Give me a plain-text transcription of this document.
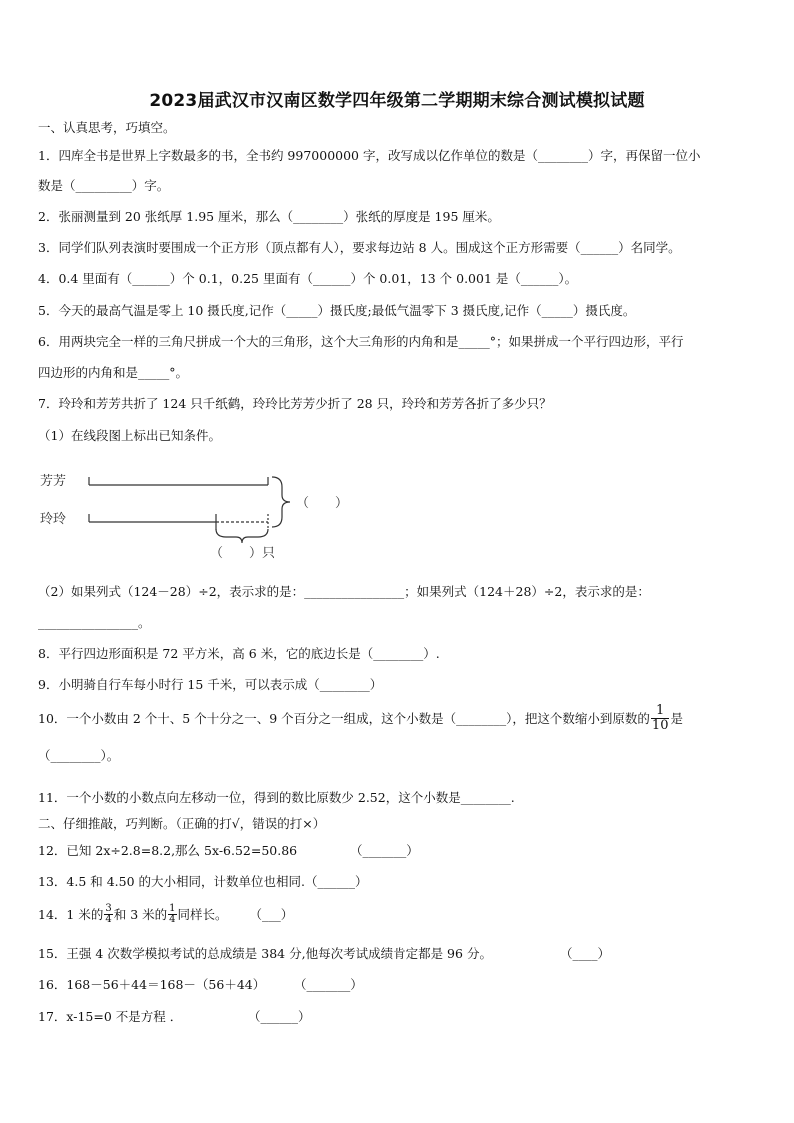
2023届武汉市汉南区数学四年级第二学期期末综合测试模拟试题
一、认真思考，巧填空。
1．四库全书是世界上字数最多的书，全书约 997000000 字，改写成以亿作单位的数是（________）字，再保留一位小
数是（_________）字。
2．张丽测量到 20 张纸厚 1.95 厘米，那么（________）张纸的厚度是 195 厘米。
3．同学们队列表演时要围成一个正方形（顶点都有人），要求每边站 8 人。围成这个正方形需要（______）名同学。
4．0.4 里面有（______）个 0.1，0.25 里面有（______）个 0.01，13 个 0.001 是（______）。
5．今天的最高气温是零上 10 摄氏度,记作（_____）摄氏度;最低气温零下 3 摄氏度,记作（_____）摄氏度。
6．用两块完全一样的三角尺拼成一个大的三角形，这个大三角形的内角和是_____°；如果拼成一个平行四边形，平行
四边形的内角和是_____°。
7．玲玲和芳芳共折了 124 只千纸鹤，玲玲比芳芳少折了 28 只，玲玲和芳芳各折了多少只？
（1）在线段图上标出已知条件。
芳芳
玲玲
（　　）
（　　）只
（2）如果列式（124－28）÷2，表示求的是：________________；如果列式（124＋28）÷2，表示求的是：
________________。
8．平行四边形面积是 72 平方米，高 6 米，它的底边长是（________）.
9．小明骑自行车每小时行 15 千米，可以表示成（________）
10．一个小数由 2 个十、5 个十分之一、9 个百分之一组成，这个小数是（________），把这个数缩小到原数的 $\frac{1}{10}$ 是
（________）。
11．一个小数的小数点向左移动一位，得到的数比原数少 2.52，这个小数是________.
二、仔细推敲，巧判断。（正确的打√，错误的打×）
12．已知 2x÷2.8=8.2,那么 5x-6.52=50.86	（_______）
13．4.5 和 4.50 的大小相同，计数单位也相同.（______）
14．1 米的 $\frac{3}{4}$ 和 3 米的 $\frac{1}{4}$ 同样长。 （___）
15．王强 4 次数学模拟考试的总成绩是 384 分,他每次考试成绩肯定都是 96 分。	（____）
16．168－56＋44＝168－（56＋44） （_______）
17．x-15=0 不是方程 ．	（______）
